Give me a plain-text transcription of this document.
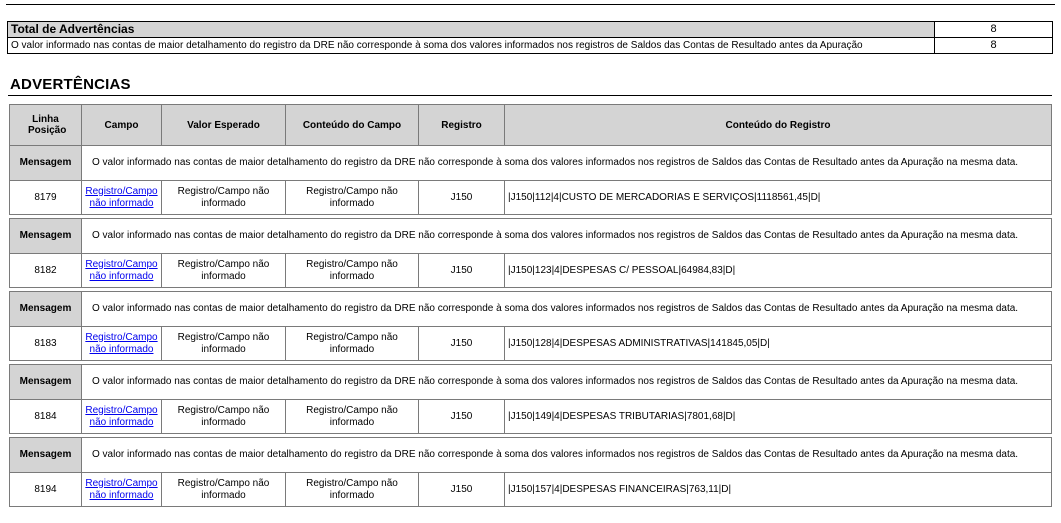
Total de Advertências	8
O valor informado nas contas de maior detalhamento do registro da DRE não corresponde à soma dos valores informados nos registros de Saldos das Contas de Resultado antes da Apuração	8
ADVERTÊNCIAS
Linha Posição	Campo	Valor Esperado	Conteúdo do Campo	Registro	Conteúdo do Registro
Mensagem	O valor informado nas contas de maior detalhamento do registro da DRE não corresponde à soma dos valores informados nos registros de Saldos das Contas de Resultado antes da Apuração na mesma data.				
8179	Registro/Campo não informado	Registro/Campo não informado	Registro/Campo não informado	J150	|J150|112|4|CUSTO DE MERCADORIAS E SERVIÇOS|1118561,45|D|

Mensagem	O valor informado nas contas de maior detalhamento do registro da DRE não corresponde à soma dos valores informados nos registros de Saldos das Contas de Resultado antes da Apuração na mesma data.				
8182	Registro/Campo não informado	Registro/Campo não informado	Registro/Campo não informado	J150	|J150|123|4|DESPESAS C/ PESSOAL|64984,83|D|

Mensagem	O valor informado nas contas de maior detalhamento do registro da DRE não corresponde à soma dos valores informados nos registros de Saldos das Contas de Resultado antes da Apuração na mesma data.				
8183	Registro/Campo não informado	Registro/Campo não informado	Registro/Campo não informado	J150	|J150|128|4|DESPESAS ADMINISTRATIVAS|141845,05|D|

Mensagem	O valor informado nas contas de maior detalhamento do registro da DRE não corresponde à soma dos valores informados nos registros de Saldos das Contas de Resultado antes da Apuração na mesma data.				
8184	Registro/Campo não informado	Registro/Campo não informado	Registro/Campo não informado	J150	|J150|149|4|DESPESAS TRIBUTARIAS|7801,68|D|

Mensagem	O valor informado nas contas de maior detalhamento do registro da DRE não corresponde à soma dos valores informados nos registros de Saldos das Contas de Resultado antes da Apuração na mesma data.				
8194	Registro/Campo não informado	Registro/Campo não informado	Registro/Campo não informado	J150	|J150|157|4|DESPESAS FINANCEIRAS|763,11|D|
